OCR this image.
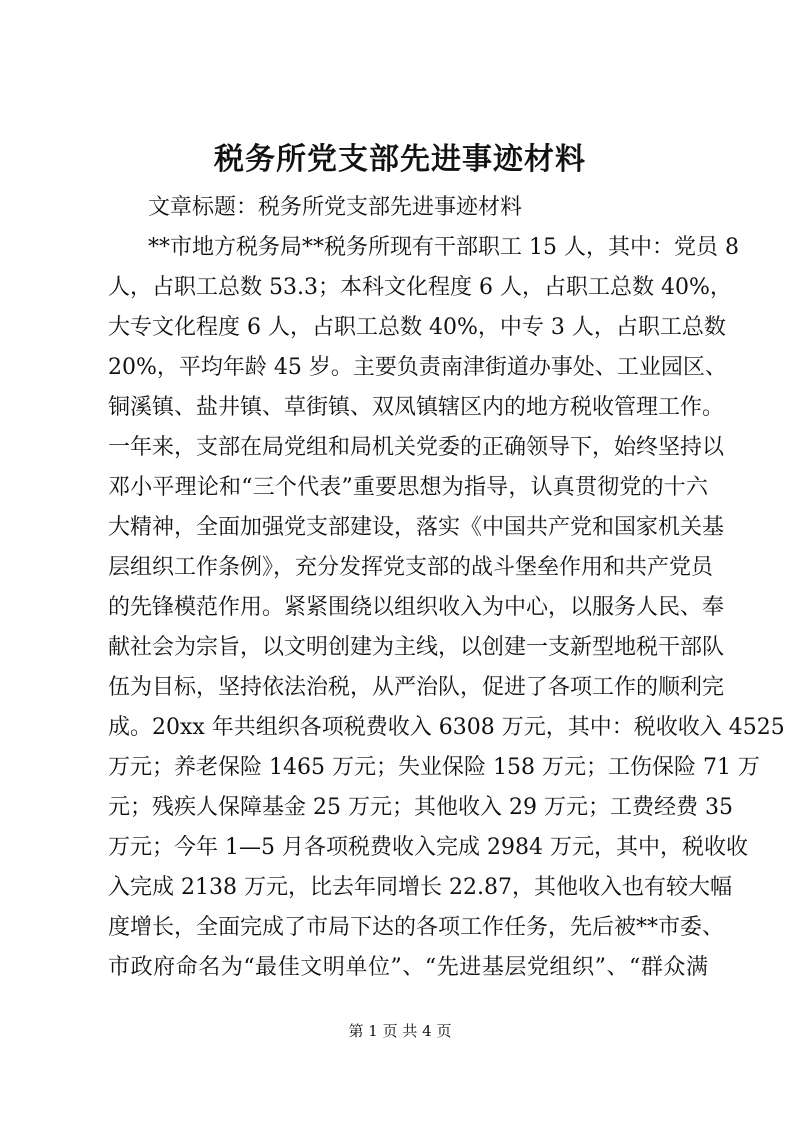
税务所党支部先进事迹材料
文章标题：税务所党支部先进事迹材料
**市地方税务局**税务所现有干部职工 15 人，其中：党员 8
人，占职工总数 53.3；本科文化程度 6 人，占职工总数 40%，
大专文化程度 6 人，占职工总数 40%，中专 3 人，占职工总数
20%，平均年龄 45 岁。主要负责南津街道办事处、工业园区、
铜溪镇、盐井镇、草街镇、双凤镇辖区内的地方税收管理工作。
一年来，支部在局党组和局机关党委的正确领导下，始终坚持以
邓小平理论和“三个代表”重要思想为指导，认真贯彻党的十六
大精神，全面加强党支部建设，落实《中国共产党和国家机关基
层组织工作条例》，充分发挥党支部的战斗堡垒作用和共产党员
的先锋模范作用。紧紧围绕以组织收入为中心，以服务人民、奉
献社会为宗旨，以文明创建为主线，以创建一支新型地税干部队
伍为目标，坚持依法治税，从严治队，促进了各项工作的顺利完
成。20xx 年共组织各项税费收入 6308 万元，其中：税收收入 4525
万元；养老保险 1465 万元；失业保险 158 万元；工伤保险 71 万
元；残疾人保障基金 25 万元；其他收入 29 万元；工费经费 35
万元；今年 1—5 月各项税费收入完成 2984 万元，其中，税收收
入完成 2138 万元，比去年同增长 22.87，其他收入也有较大幅
度增长，全面完成了市局下达的各项工作任务，先后被**市委、
市政府命名为“最佳文明单位”、“先进基层党组织”、“群众满
第 1 页 共 4 页
